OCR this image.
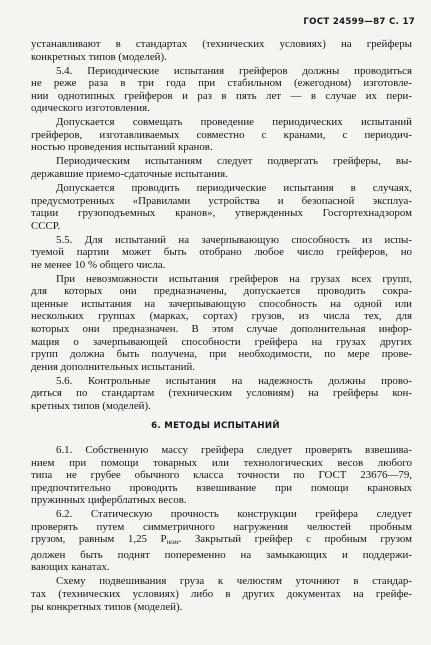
ГОСТ 24599—87 С. 17
устанавливают в стандартах (технических условиях) на грейферы
конкретных типов (моделей).
5.4. Периодические испытания грейферов должны проводиться
не реже раза в три года при стабильном (ежегодном) изготовле-
нии однотипных грейферов и раз в пять лет — в случае их пери-
одического изготовления.
Допускается совмещать проведение периодических испытаний
грейферов, изготавливаемых совместно с кранами, с периодич-
ностью проведения испытаний кранов.
Периодическим испытаниям следует подвергать грейферы, вы-
державшие приемо-сдаточные испытания.
Допускается проводить периодические испытания в случаях,
предусмотренных «Правилами устройства и безопасной эксплуа-
тации грузоподъемных кранов», утвержденных Госгортехнадзором
СССР.
5.5. Для испытаний на зачерпывающую способность из испы-
туемой партии может быть отобрано любое число грейферов, но
не менее 10 % общего числа.
При невозможности испытания грейферов на грузах всех групп,
для которых они предназначены, допускается проводить сокра-
щенные испытания на зачерпывающую способность на одной или
нескольких группах (марках, сортах) грузов, из числа тех, для
которых они предназначен. В этом случае дополнительная инфор-
мация о зачерпывающей способности грейфера на грузах других
групп должна быть получена, при необходимости, по мере прове-
дения дополнительных испытаний.
5.6. Контрольные испытания на надежность должны прово-
диться по стандартам (техническим условиям) на грейферы кон-
кретных типов (моделей).
6. МЕТОДЫ ИСПЫТАНИЙ
6.1. Собственную массу грейфера следует проверять взвешива-
нием при помощи товарных или технологических весов любого
типа не грубее обычного класса точности по ГОСТ 23676—79,
предпочтительно проводить взвешивание при помощи крановых
пружинных циферблатных весов.
6.2. Статическую прочность конструкции грейфера следует
проверять путем симметричного нагружения челюстей пробным
грузом, равным 1,25 $P_{ном}$. Закрытый грейфер с пробным грузом
должен быть поднят попеременно на замыкающих и поддержи-
вающих канатах.
Схему подвешивания груза к челюстям уточняют в стандар-
тах (технических условиях) либо в других документах на грейфе-
ры конкретных типов (моделей).
